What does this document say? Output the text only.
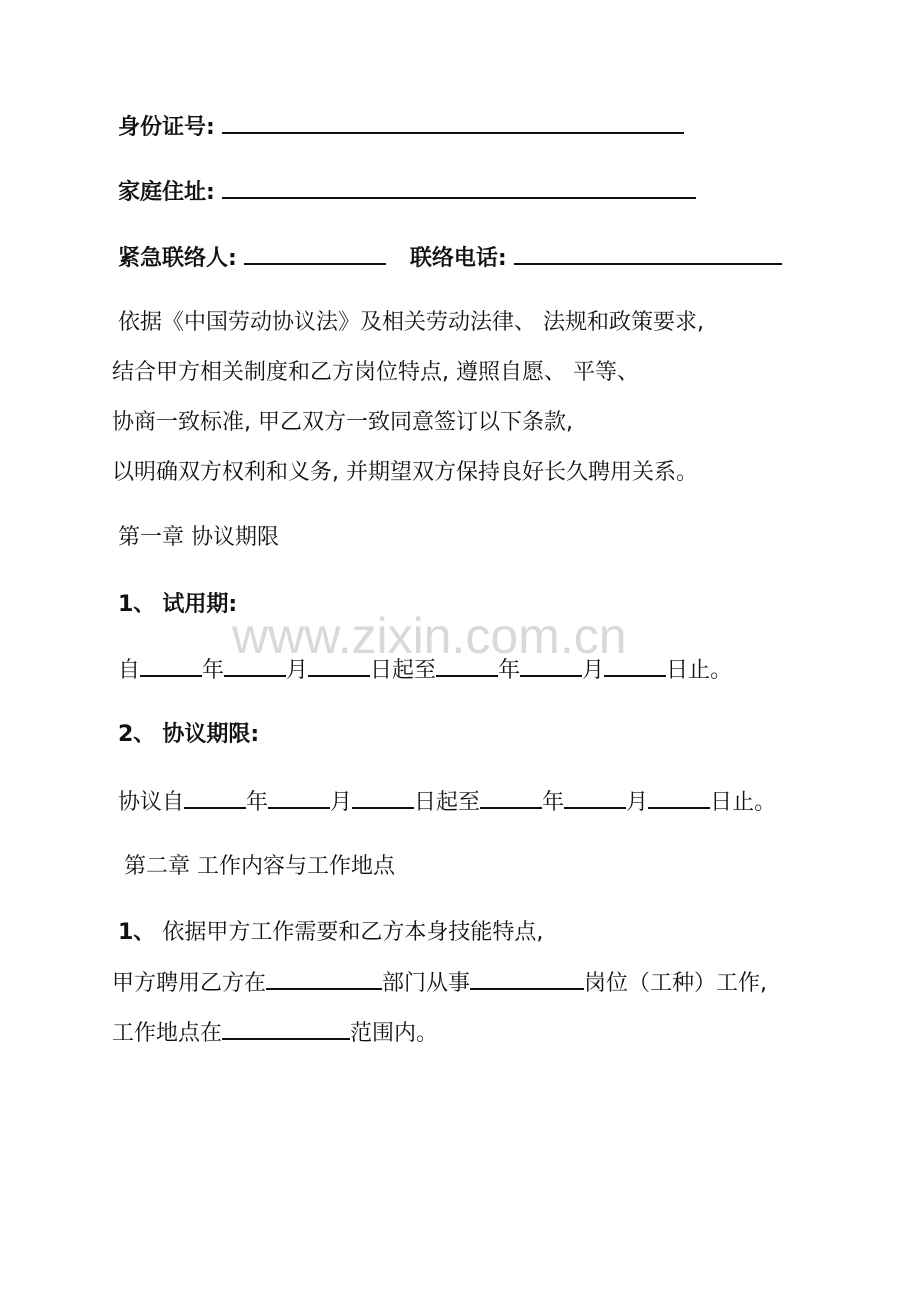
www.zixin.com.cn
身份证号:
家庭住址:
紧急联络人:	联络电话:
依据《中国劳动协议法》及相关劳动法律、 法规和政策要求,
结合甲方相关制度和乙方岗位特点, 遵照自愿、 平等、
协商一致标准, 甲乙双方一致同意签订以下条款,
以明确双方权利和义务, 并期望双方保持良好长久聘用关系。
第一章 协议期限
1、 试用期:
自	年	月	日起至	年	月	日止。
2、 协议期限:
协议自	年	月	日起至	年	月	日止。
第二章 工作内容与工作地点
1、 依据甲方工作需要和乙方本身技能特点,
甲方聘用乙方在	部门从事	岗位（工种）工作,
工作地点在	范围内。
